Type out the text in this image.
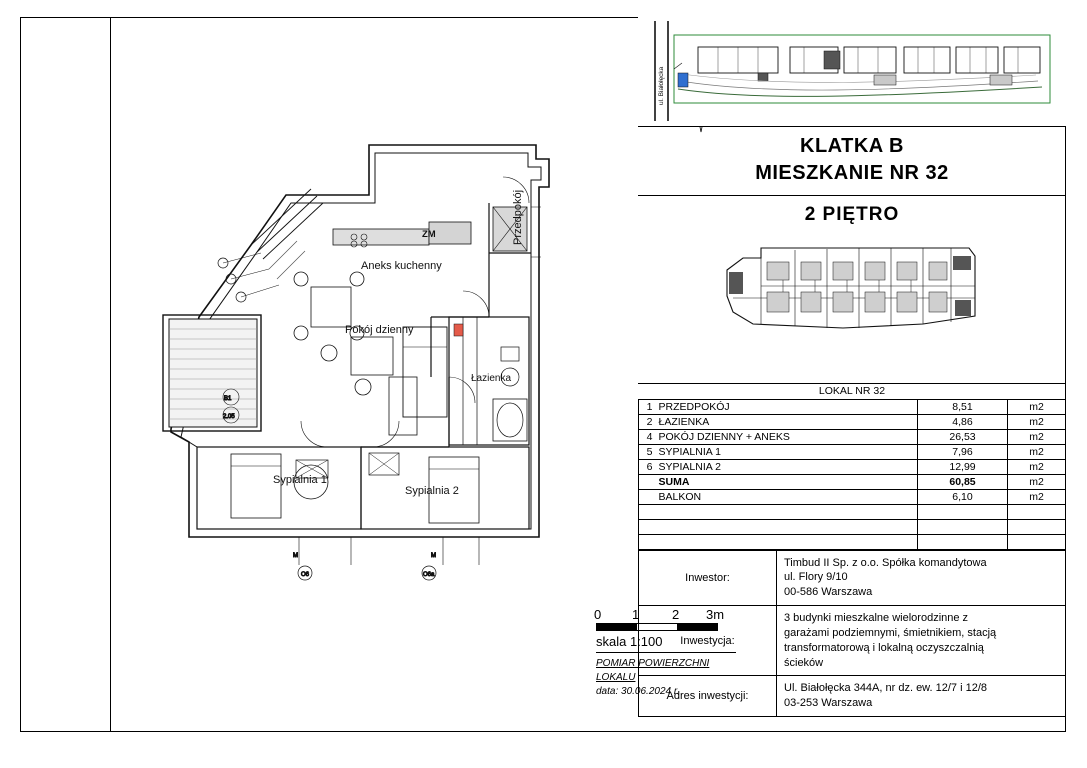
O6	O6a
M	M
B1
2.05
Aneks kuchenny
Pokój dzienny
Przedpokój
Łazienka
Sypialnia 1
Sypialnia 2
ZM
0 1	2 3m
skala 1:100
POMIAR POWIERZCHNI LOKALU
data: 30.06.2024 r.
ul. Białołęcka
KLATKA B
MIESZKANIE NR 32
2 PIĘTRO
LOKAL NR 32			
1	PRZEDPOKÓJ	8,51	m2
2	ŁAZIENKA	4,86	m2
4	POKÓJ DZIENNY + ANEKS	26,53	m2
5	SYPIALNIA 1	7,96	m2
6	SYPIALNIA 2	12,99	m2
	SUMA	60,85	m2
	BALKON	6,10	m2

Inwestor:	Timbud II Sp. z o.o. Spółka komandytowa
ul. Flory 9/10
00-586 Warszawa

Inwestycja:	3 budynki mieszkalne wielorodzinne z
garażami podziemnymi, śmietnikiem, stacją
transformatorową i lokalną oczyszczalnią
ścieków

Adres inwestycji:	Ul. Białołęcka 344A, nr dz. ew. 12/7 i 12/8
03-253 Warszawa
